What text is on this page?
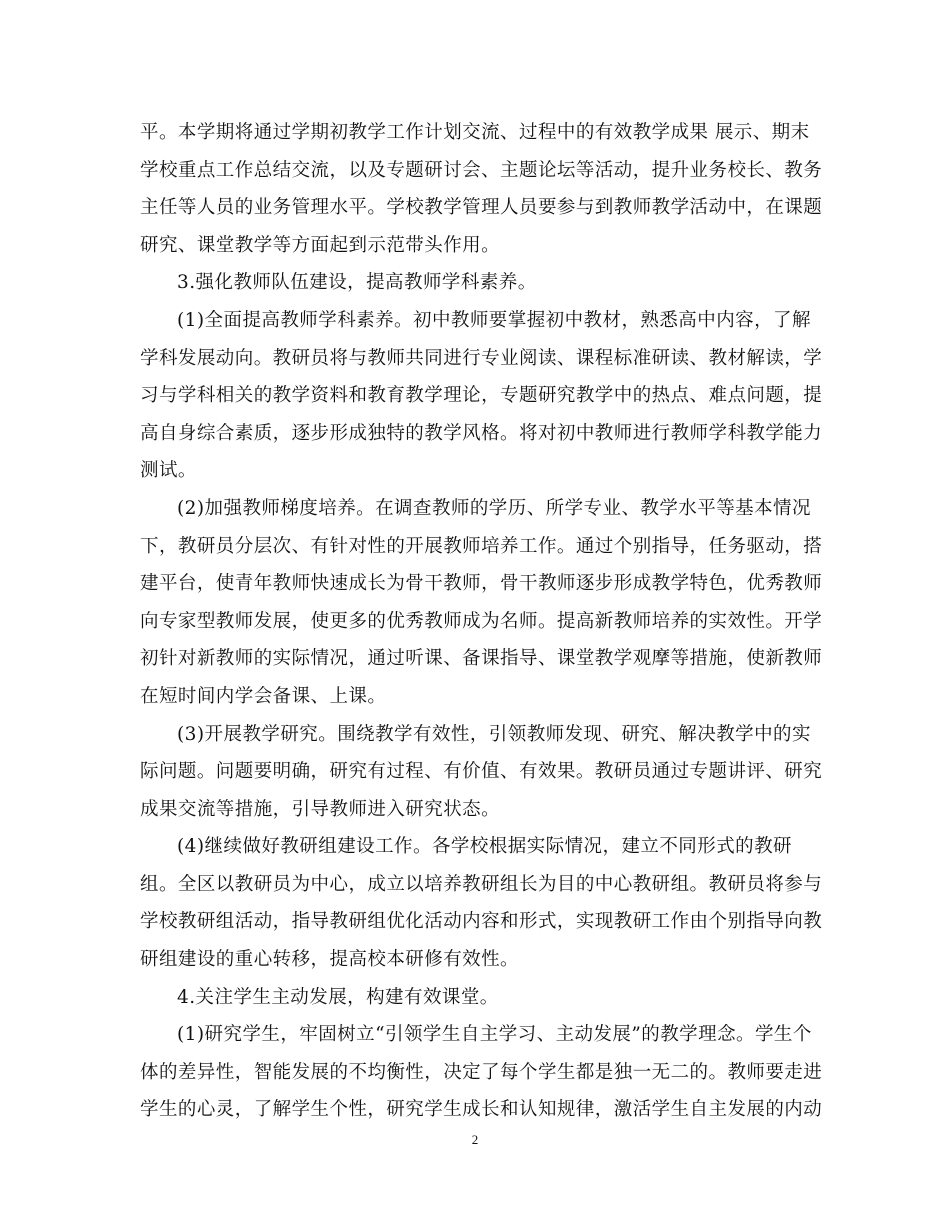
平。本学期将通过学期初教学工作计划交流、过程中的有效教学成果 展示、期末
学校重点工作总结交流，以及专题研讨会、主题论坛等活动，提升业务校长、教务
主任等人员的业务管理水平。学校教学管理人员要参与到教师教学活动中，在课题
研究、课堂教学等方面起到示范带头作用。
3.强化教师队伍建设，提高教师学科素养。
(1)全面提高教师学科素养。初中教师要掌握初中教材，熟悉高中内容，了解
学科发展动向。教研员将与教师共同进行专业阅读、课程标准研读、教材解读，学
习与学科相关的教学资料和教育教学理论，专题研究教学中的热点、难点问题，提
高自身综合素质，逐步形成独特的教学风格。将对初中教师进行教师学科教学能力
测试。
(2)加强教师梯度培养。在调查教师的学历、所学专业、教学水平等基本情况
下，教研员分层次、有针对性的开展教师培养工作。通过个别指导，任务驱动，搭
建平台，使青年教师快速成长为骨干教师，骨干教师逐步形成教学特色，优秀教师
向专家型教师发展，使更多的优秀教师成为名师。提高新教师培养的实效性。开学
初针对新教师的实际情况，通过听课、备课指导、课堂教学观摩等措施，使新教师
在短时间内学会备课、上课。
(3)开展教学研究。围绕教学有效性，引领教师发现、研究、解决教学中的实
际问题。问题要明确，研究有过程、有价值、有效果。教研员通过专题讲评、研究
成果交流等措施，引导教师进入研究状态。
(4)继续做好教研组建设工作。各学校根据实际情况，建立不同形式的教研
组。全区以教研员为中心，成立以培养教研组长为目的中心教研组。教研员将参与
学校教研组活动，指导教研组优化活动内容和形式，实现教研工作由个别指导向教
研组建设的重心转移，提高校本研修有效性。
4.关注学生主动发展，构建有效课堂。
(1)研究学生，牢固树立“引领学生自主学习、主动发展”的教学理念。学生个
体的差异性，智能发展的不均衡性，决定了每个学生都是独一无二的。教师要走进
学生的心灵，了解学生个性，研究学生成长和认知规律，激活学生自主发展的内动
2
